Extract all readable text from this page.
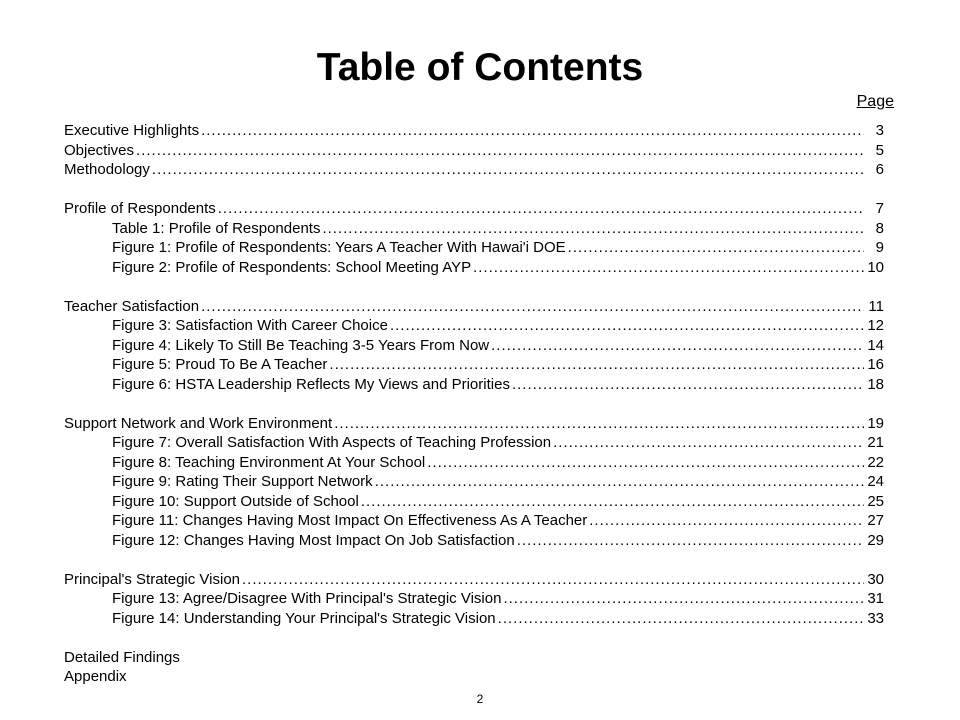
Table of Contents
Page
Executive Highlights .....	3
Objectives .....	5
Methodology .....	6
Profile of Respondents .....	7
Table 1: Profile of Respondents .....	8
Figure 1: Profile of Respondents: Years A Teacher With Hawai'i DOE .....	9
Figure 2: Profile of Respondents: School Meeting AYP .....	10
Teacher Satisfaction .....	11
Figure 3: Satisfaction With Career Choice .....	12
Figure 4: Likely To Still Be Teaching 3-5 Years From Now .....	14
Figure 5: Proud To Be A Teacher .....	16
Figure 6: HSTA Leadership Reflects My Views and Priorities .....	18
Support Network and Work Environment .....	19
Figure 7: Overall Satisfaction With Aspects of Teaching Profession .....	21
Figure 8: Teaching Environment At Your School .....	22
Figure 9: Rating Their Support Network .....	24
Figure 10: Support Outside of School .....	25
Figure 11: Changes Having Most Impact On Effectiveness As A Teacher .....	27
Figure 12: Changes Having Most Impact On Job Satisfaction .....	29
Principal's Strategic Vision .....	30
Figure 13: Agree/Disagree With Principal's Strategic Vision .....	31
Figure 14: Understanding Your Principal's Strategic Vision .....	33
Detailed Findings
Appendix
2
